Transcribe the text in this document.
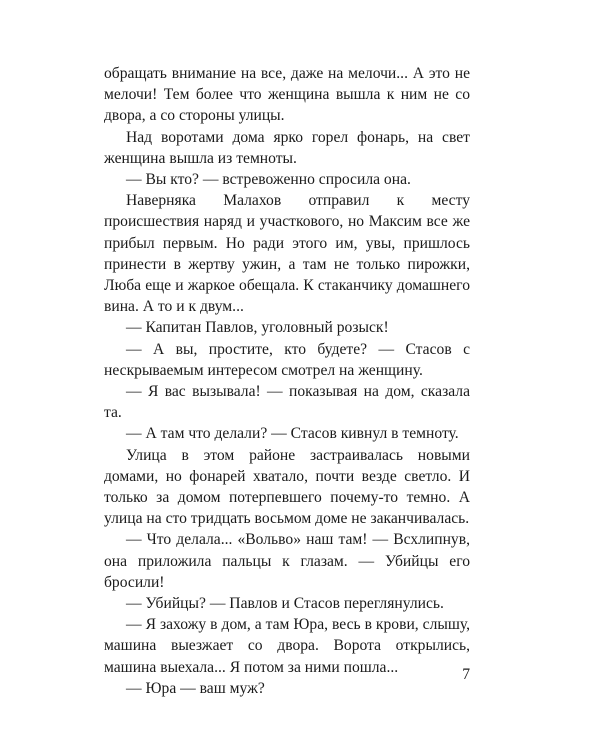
обращать внимание на все, даже на мелочи... А это не мелочи! Тем более что женщина вышла к ним не со двора, а со стороны улицы.

Над воротами дома ярко горел фонарь, на свет женщина вышла из темноты.

— Вы кто? — встревоженно спросила она.

Наверняка Малахов отправил к месту происшествия наряд и участкового, но Максим все же прибыл первым. Но ради этого им, увы, пришлось принести в жертву ужин, а там не только пирожки, Люба еще и жаркое обещала. К стаканчику домашнего вина. А то и к двум...

— Капитан Павлов, уголовный розыск!

— А вы, простите, кто будете? — Стасов с нескрываемым интересом смотрел на женщину.

— Я вас вызывала! — показывая на дом, сказала та.

— А там что делали? — Стасов кивнул в темноту.

Улица в этом районе застраивалась новыми домами, но фонарей хватало, почти везде светло. И только за домом потерпевшего почему-то темно. А улица на сто тридцать восьмом доме не заканчивалась.

— Что делала... «Вольво» наш там! — Всхлипнув, она приложила пальцы к глазам. — Убийцы его бросили!

— Убийцы? — Павлов и Стасов переглянулись.

— Я захожу в дом, а там Юра, весь в крови, слышу, машина выезжает со двора. Ворота открылись, машина выехала... Я потом за ними пошла...

— Юра — ваш муж?

7
